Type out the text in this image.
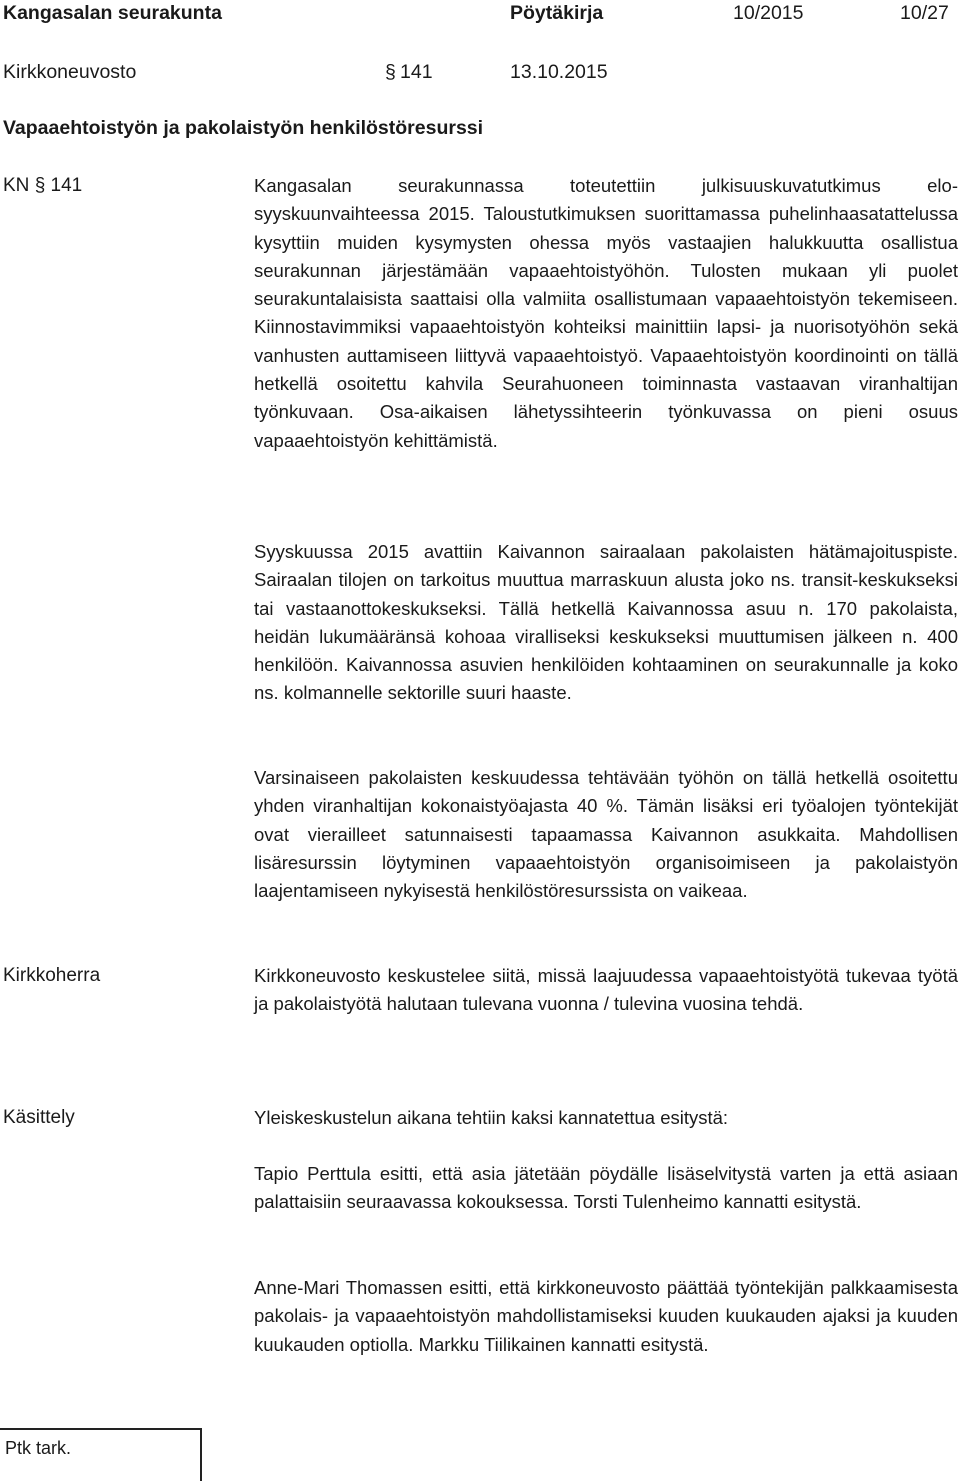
Kangasalan seurakunta	Pöytäkirja	10/2015	10/27
Kirkkoneuvosto	§ 141	13.10.2015
Vapaaehtoistyön ja pakolaistyön henkilöstöresurssi
KN § 141	Kangasalan seurakunnassa toteutettiin julkisuuskuvatutkimus elo-syyskuunvaihteessa 2015. Taloustutkimuksen suorittamassa puhelinhaasatattelussa kysyttiin muiden kysymysten ohessa myös vastaajien halukkuutta osallistua seurakunnan järjestämään vapaaehtoistyöhön. Tulosten mukaan yli puolet seurakuntalaisista saattaisi olla valmiita osallistumaan vapaaehtoistyön tekemiseen. Kiinnostavimmiksi vapaaehtoistyön kohteiksi mainittiin lapsi- ja nuorisotyöhön sekä vanhusten auttamiseen liittyvä vapaaehtoistyö. Vapaaehtoistyön koordinointi on tällä hetkellä osoitettu kahvila Seurahuoneen toiminnasta vastaavan viranhaltijan työnkuvaan. Osa-aikaisen lähetyssihteerin työnkuvassa on pieni osuus vapaaehtoistyön kehittämistä.

Syyskuussa 2015 avattiin Kaivannon sairaalaan pakolaisten hätämajoituspiste. Sairaalan tilojen on tarkoitus muuttua marraskuun alusta joko ns. transit-keskukseksi tai vastaanottokeskukseksi. Tällä hetkellä Kaivannossa asuu n. 170 pakolaista, heidän lukumääränsä kohoaa viralliseksi keskukseksi muuttumisen jälkeen n. 400 henkilöön. Kaivannossa asuvien henkilöiden kohtaaminen on seurakunnalle ja koko ns. kolmannelle sektorille suuri haaste.

Varsinaiseen pakolaisten keskuudessa tehtävään työhön on tällä hetkellä osoitettu yhden viranhaltijan kokonaistyöajasta 40 %. Tämän lisäksi eri työalojen työntekijät ovat vierailleet satunnaisesti tapaamassa Kaivannon asukkaita. Mahdollisen lisäresurssin löytyminen vapaaehtoistyön organisoimiseen ja pakolaistyön laajentamiseen nykyisestä henkilöstöresurssista on vaikeaa.

Kirkkoherra	Kirkkoneuvosto keskustelee siitä, missä laajuudessa vapaaehtoistyötä tukevaa työtä ja pakolaistyötä halutaan tulevana vuonna / tulevina vuosina tehdä.

Käsittely	Yleiskeskustelun aikana tehtiin kaksi kannatettua esitystä:

Tapio Perttula esitti, että asia jätetään pöydälle lisäselvitystä varten ja että asiaan palattaisiin seuraavassa kokouksessa. Torsti Tulenheimo kannatti esitystä.

Anne-Mari Thomassen esitti, että kirkkoneuvosto päättää työntekijän palkkaamisesta pakolais- ja vapaaehtoistyön mahdollistamiseksi kuuden kuukauden ajaksi ja kuuden kuukauden optiolla. Markku Tiilikainen kannatti esitystä.

Ptk tark.
